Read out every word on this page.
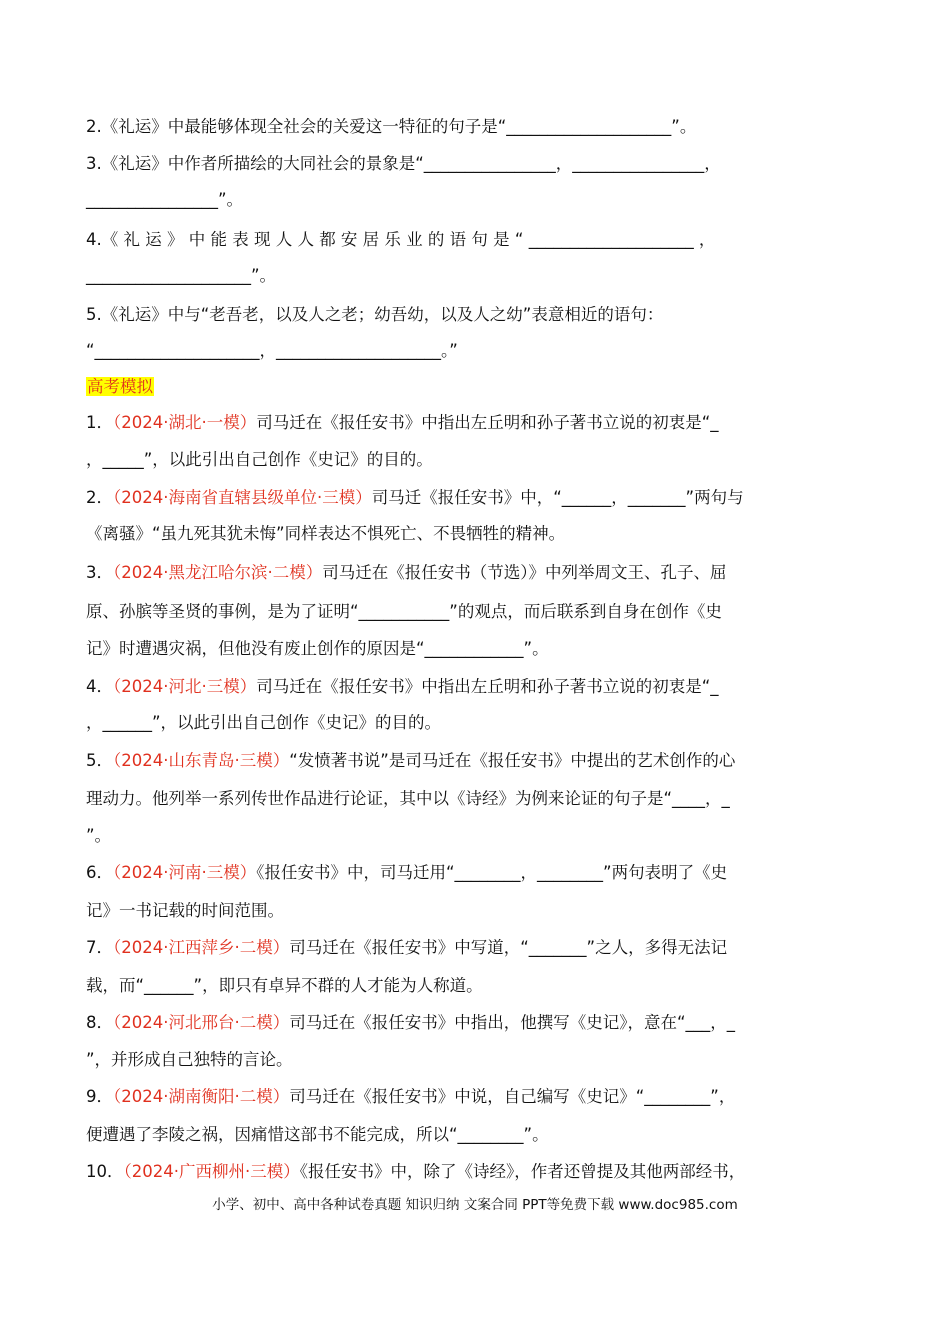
2.《礼运》中最能够体现全社会的关爱这一特征的句子是“____________________”。
3.《礼运》中作者所描绘的大同社会的景象是“________________，________________，
________________”。
4.《 礼 运 》 中 能 表 现 人 人 都 安 居 乐 业 的 语 句 是 “ ____________________ ，
____________________”。
5.《礼运》中与“老吾老，以及人之老；幼吾幼，以及人之幼”表意相近的语句：
“____________________，____________________。”
高考模拟
1．（2024·湖北·一模）司马迁在《报任安书》中指出左丘明和孙子著书立说的初衷是“_
，_____”，以此引出自己创作《史记》的目的。
2．（2024·海南省直辖县级单位·三模）司马迁《报任安书》中，“______，_______”两句与
《离骚》“虽九死其犹未悔”同样表达不惧死亡、不畏牺牲的精神。
3．（2024·黑龙江哈尔滨·二模）司马迁在《报任安书（节选）》中列举周文王、孔子、屈
原、孙膑等圣贤的事例，是为了证明“___________”的观点，而后联系到自身在创作《史
记》时遭遇灾祸，但他没有废止创作的原因是“____________”。
4．（2024·河北·三模）司马迁在《报任安书》中指出左丘明和孙子著书立说的初衷是“_
，______”，以此引出自己创作《史记》的目的。
5．（2024·山东青岛·三模）“发愤著书说”是司马迁在《报任安书》中提出的艺术创作的心
理动力。他列举一系列传世作品进行论证，其中以《诗经》为例来论证的句子是“____，_
”。
6．（2024·河南·三模）《报任安书》中，司马迁用“________，________”两句表明了《史
记》一书记载的时间范围。
7．（2024·江西萍乡·二模）司马迁在《报任安书》中写道，“_______”之人，多得无法记
载，而“______”，即只有卓异不群的人才能为人称道。
8．（2024·河北邢台·二模）司马迁在《报任安书》中指出，他撰写《史记》，意在“___，_
”，并形成自己独特的言论。
9．（2024·湖南衡阳·二模）司马迁在《报任安书》中说，自己编写《史记》“________”，
便遭遇了李陵之祸，因痛惜这部书不能完成，所以“________”。
10．（2024·广西柳州·三模）《报任安书》中，除了《诗经》，作者还曾提及其他两部经书，
小学、初中、高中各种试卷真题 知识归纳 文案合同 PPT等免费下载 www.doc985.com
